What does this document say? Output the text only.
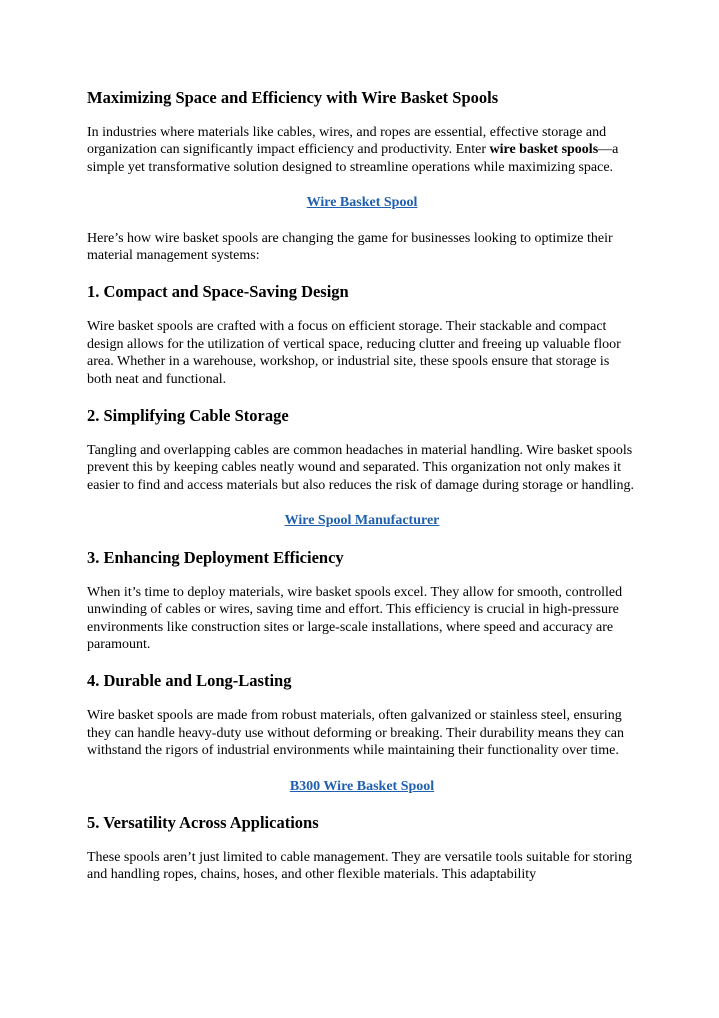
Maximizing Space and Efficiency with Wire Basket Spools

In industries where materials like cables, wires, and ropes are essential, effective storage and organization can significantly impact efficiency and productivity. Enter wire basket spools—a simple yet transformative solution designed to streamline operations while maximizing space.

Wire Basket Spool

Here’s how wire basket spools are changing the game for businesses looking to optimize their material management systems:

1. Compact and Space-Saving Design

Wire basket spools are crafted with a focus on efficient storage. Their stackable and compact design allows for the utilization of vertical space, reducing clutter and freeing up valuable floor area. Whether in a warehouse, workshop, or industrial site, these spools ensure that storage is both neat and functional.

2. Simplifying Cable Storage

Tangling and overlapping cables are common headaches in material handling. Wire basket spools prevent this by keeping cables neatly wound and separated. This organization not only makes it easier to find and access materials but also reduces the risk of damage during storage or handling.

Wire Spool Manufacturer
3. Enhancing Deployment Efficiency

When it’s time to deploy materials, wire basket spools excel. They allow for smooth, controlled unwinding of cables or wires, saving time and effort. This efficiency is crucial in high-pressure environments like construction sites or large-scale installations, where speed and accuracy are paramount.

4. Durable and Long-Lasting

Wire basket spools are made from robust materials, often galvanized or stainless steel, ensuring they can handle heavy-duty use without deforming or breaking. Their durability means they can withstand the rigors of industrial environments while maintaining their functionality over time.

B300 Wire Basket Spool
5. Versatility Across Applications

These spools aren’t just limited to cable management. They are versatile tools suitable for storing and handling ropes, chains, hoses, and other flexible materials. This adaptability
